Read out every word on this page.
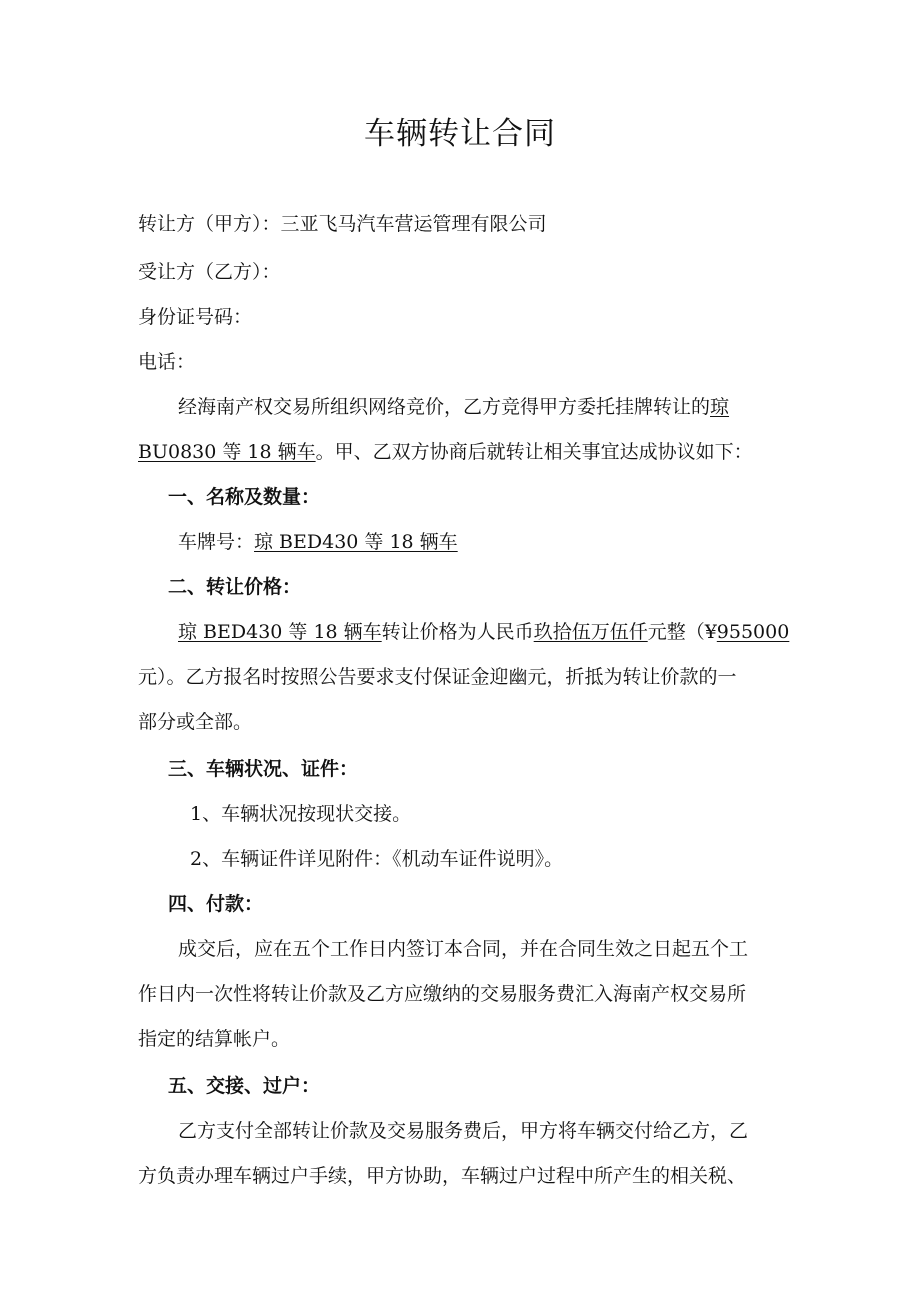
车辆转让合同
转让方（甲方）：三亚飞马汽车营运管理有限公司
受让方（乙方）：
身份证号码：
电话：
经海南产权交易所组织网络竞价，乙方竞得甲方委托挂牌转让的琼
BU0830 等 18 辆车。甲、乙双方协商后就转让相关事宜达成协议如下：
一、名称及数量：
车牌号：琼 BED430 等 18 辆车
二、转让价格：
琼 BED430 等 18 辆车转让价格为人民币玖拾伍万伍仟元整（¥955000
元）。乙方报名时按照公告要求支付保证金迎幽元，折抵为转让价款的一
部分或全部。
三、车辆状况、证件：
1、车辆状况按现状交接。
2、车辆证件详见附件：《机动车证件说明》。
四、付款：
成交后，应在五个工作日内签订本合同，并在合同生效之日起五个工
作日内一次性将转让价款及乙方应缴纳的交易服务费汇入海南产权交易所
指定的结算帐户。
五、交接、过户：
乙方支付全部转让价款及交易服务费后，甲方将车辆交付给乙方，乙
方负责办理车辆过户手续，甲方协助，车辆过户过程中所产生的相关税、
